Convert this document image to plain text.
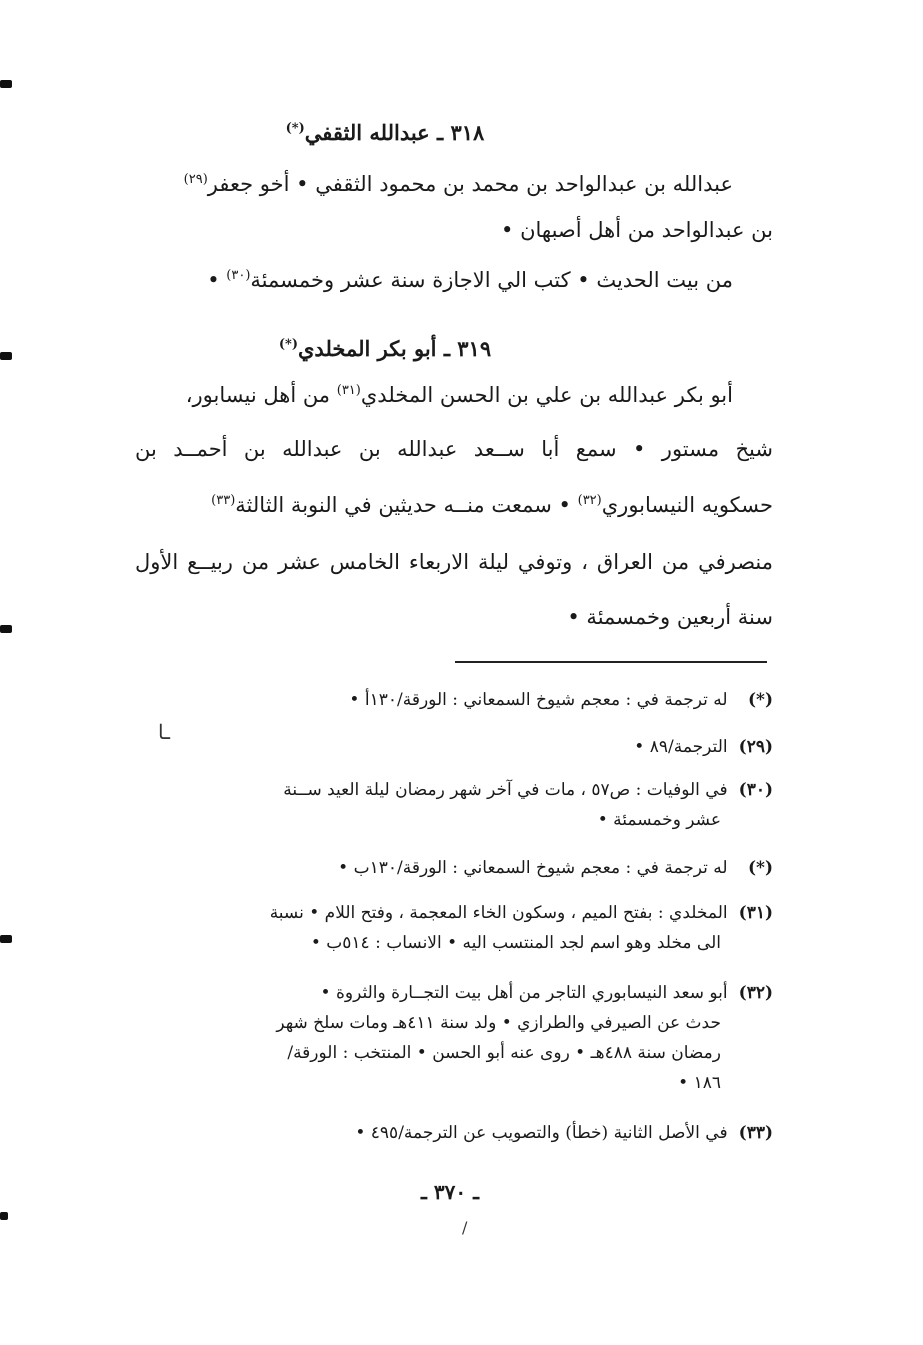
٣١٨ ـ عبدالله الثقفي(*)
عبدالله بن عبدالواحد بن محمد بن محمود الثقفي • أخو جعفر$^{(٢٩)}$
بن عبدالواحد من أهل أصبهان •
من بيت الحديث • كتب الي الاجازة سنة عشر وخمسمئة$^{(٣٠)}$ •
٣١٩ ـ أبو بكر المخلدي(*)
أبو بكر عبدالله بن علي بن الحسن المخلدي$^{(٣١)}$ من أهل نيسابور،
شيخ مستور • سمع أبا ســعد عبدالله بن عبدالله بن أحمــد بن
حسكويه النيسابوري$^{(٣٢)}$ • سمعت منــه حديثين في النوبة الثالثة$^{(٣٣)}$
منصرفي من العراق ، وتوفي ليلة الاربعاء الخامس عشر من ربيــع الأول
سنة أربعين وخمسمئة •
ـا
(*) له ترجمة في : معجم شيوخ السمعاني : الورقة/١٣٠أ •
(٢٩) الترجمة/٨٩ •
(٣٠) في الوفيات : ص٥٧ ، مات في آخر شهر رمضان ليلة العيد ســنة
عشر وخمسمئة •
(*) له ترجمة في : معجم شيوخ السمعاني : الورقة/١٣٠ب •
(٣١) المخلدي : بفتح الميم ، وسكون الخاء المعجمة ، وفتح اللام • نسبة
الى مخلد وهو اسم لجد المنتسب اليه • الانساب : ٥١٤ب •
(٣٢) أبو سعد النيسابوري التاجر من أهل بيت التجــارة والثروة •
حدث عن الصيرفي والطرازي • ولد سنة ٤١١هـ ومات سلخ شهر
رمضان سنة ٤٨٨هـ • روى عنه أبو الحسن • المنتخب : الورقة/
١٨٦ •
(٣٣) في الأصل الثانية (خطأ) والتصويب عن الترجمة/٤٩٥ •
ـ ٣٧٠ ـ
/
